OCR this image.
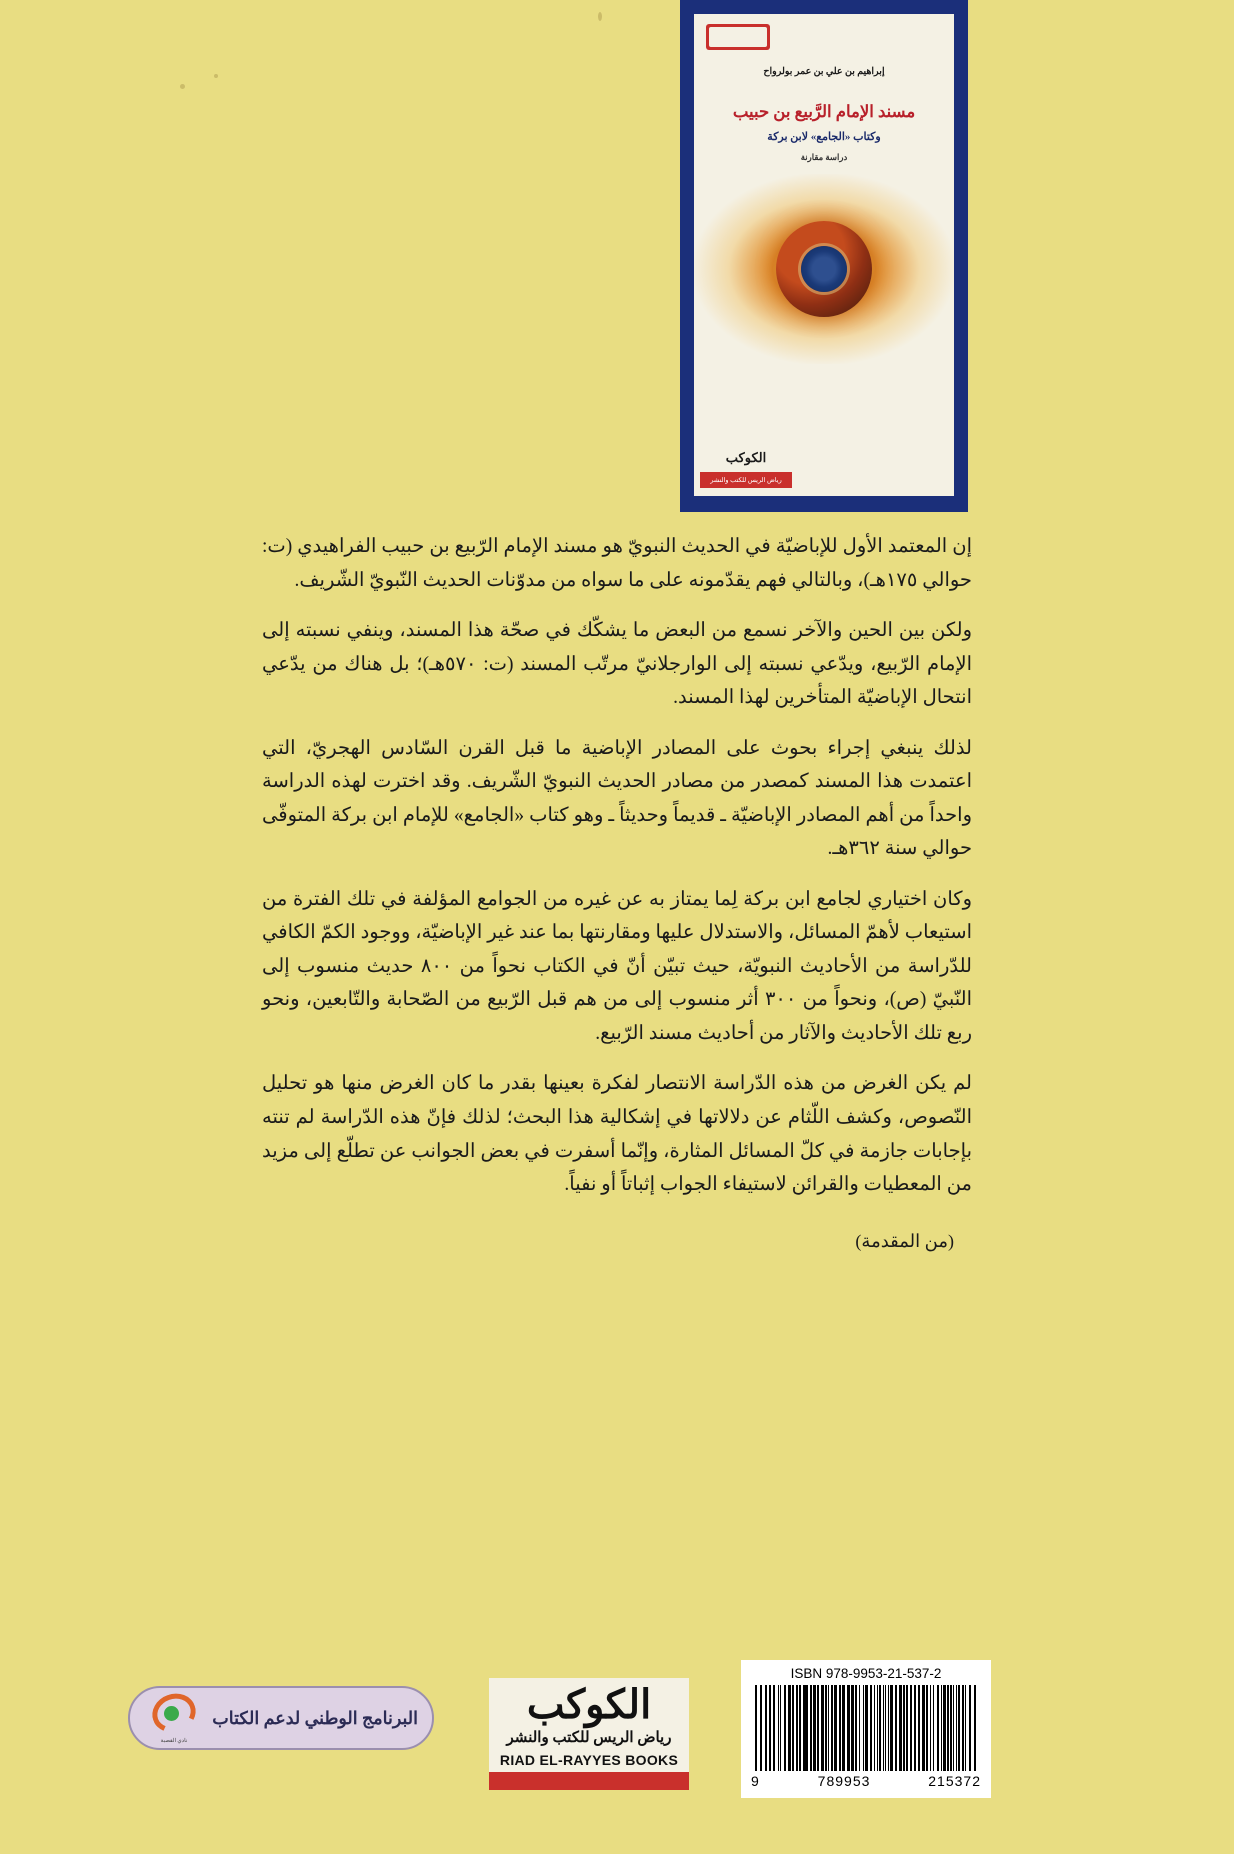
إبراهيم بن علي بن عمر بولرواح
مسند الإمام الرَّبيع بن حبيب
وكتاب «الجامع» لابن بركة
دراسة مقارنة
الكوكب
رياض الريس للكتب والنشر

إن المعتمد الأول للإباضيّة في الحديث النبويّ هو مسند الإمام الرّبيع بن حبيب الفراهيدي (ت: حوالي ١٧٥هـ)، وبالتالي فهم يقدّمونه على ما سواه من مدوّنات الحديث النّبويّ الشّريف.

ولكن بين الحين والآخر نسمع من البعض ما يشكّك في صحّة هذا المسند، وينفي نسبته إلى الإمام الرّبيع، ويدّعي نسبته إلى الوارجلانيّ مرتّب المسند (ت: ٥٧٠هـ)؛ بل هناك من يدّعي انتحال الإباضيّة المتأخرين لهذا المسند.

لذلك ينبغي إجراء بحوث على المصادر الإباضية ما قبل القرن السّادس الهجريّ، التي اعتمدت هذا المسند كمصدر من مصادر الحديث النبويّ الشّريف. وقد اخترت لهذه الدراسة واحداً من أهم المصادر الإباضيّة ـ قديماً وحديثاً ـ وهو كتاب «الجامع» للإمام ابن بركة المتوفّى حوالي سنة ٣٦٢هـ.

وكان اختياري لجامع ابن بركة لِما يمتاز به عن غيره من الجوامع المؤلفة في تلك الفترة من استيعاب لأهمّ المسائل، والاستدلال عليها ومقارنتها بما عند غير الإباضيّة، ووجود الكمّ الكافي للدّراسة من الأحاديث النبويّة، حيث تبيّن أنّ في الكتاب نحواً من ٨٠٠ حديث منسوب إلى النّبيّ (ص)، ونحواً من ٣٠٠ أثر منسوب إلى من هم قبل الرّبيع من الصّحابة والتّابعين، ونحو ربع تلك الأحاديث والآثار من أحاديث مسند الرّبيع.

لم يكن الغرض من هذه الدّراسة الانتصار لفكرة بعينها بقدر ما كان الغرض منها هو تحليل النّصوص، وكشف اللّثام عن دلالاتها في إشكالية هذا البحث؛ لذلك فإنّ هذه الدّراسة لم تنته بإجابات جازمة في كلّ المسائل المثارة، وإنّما أسفرت في بعض الجوانب عن تطلّع إلى مزيد من المعطيات والقرائن لاستيفاء الجواب إثباتاً أو نفياً.

(من المقدمة)

البرنامج الوطني لدعم الكتاب
نادي القصبة
الكوكب
رياض الريس للكتب والنشر
RIAD EL-RAYYES BOOKS
ISBN 978-9953-21-537-2
9	789953	215372
